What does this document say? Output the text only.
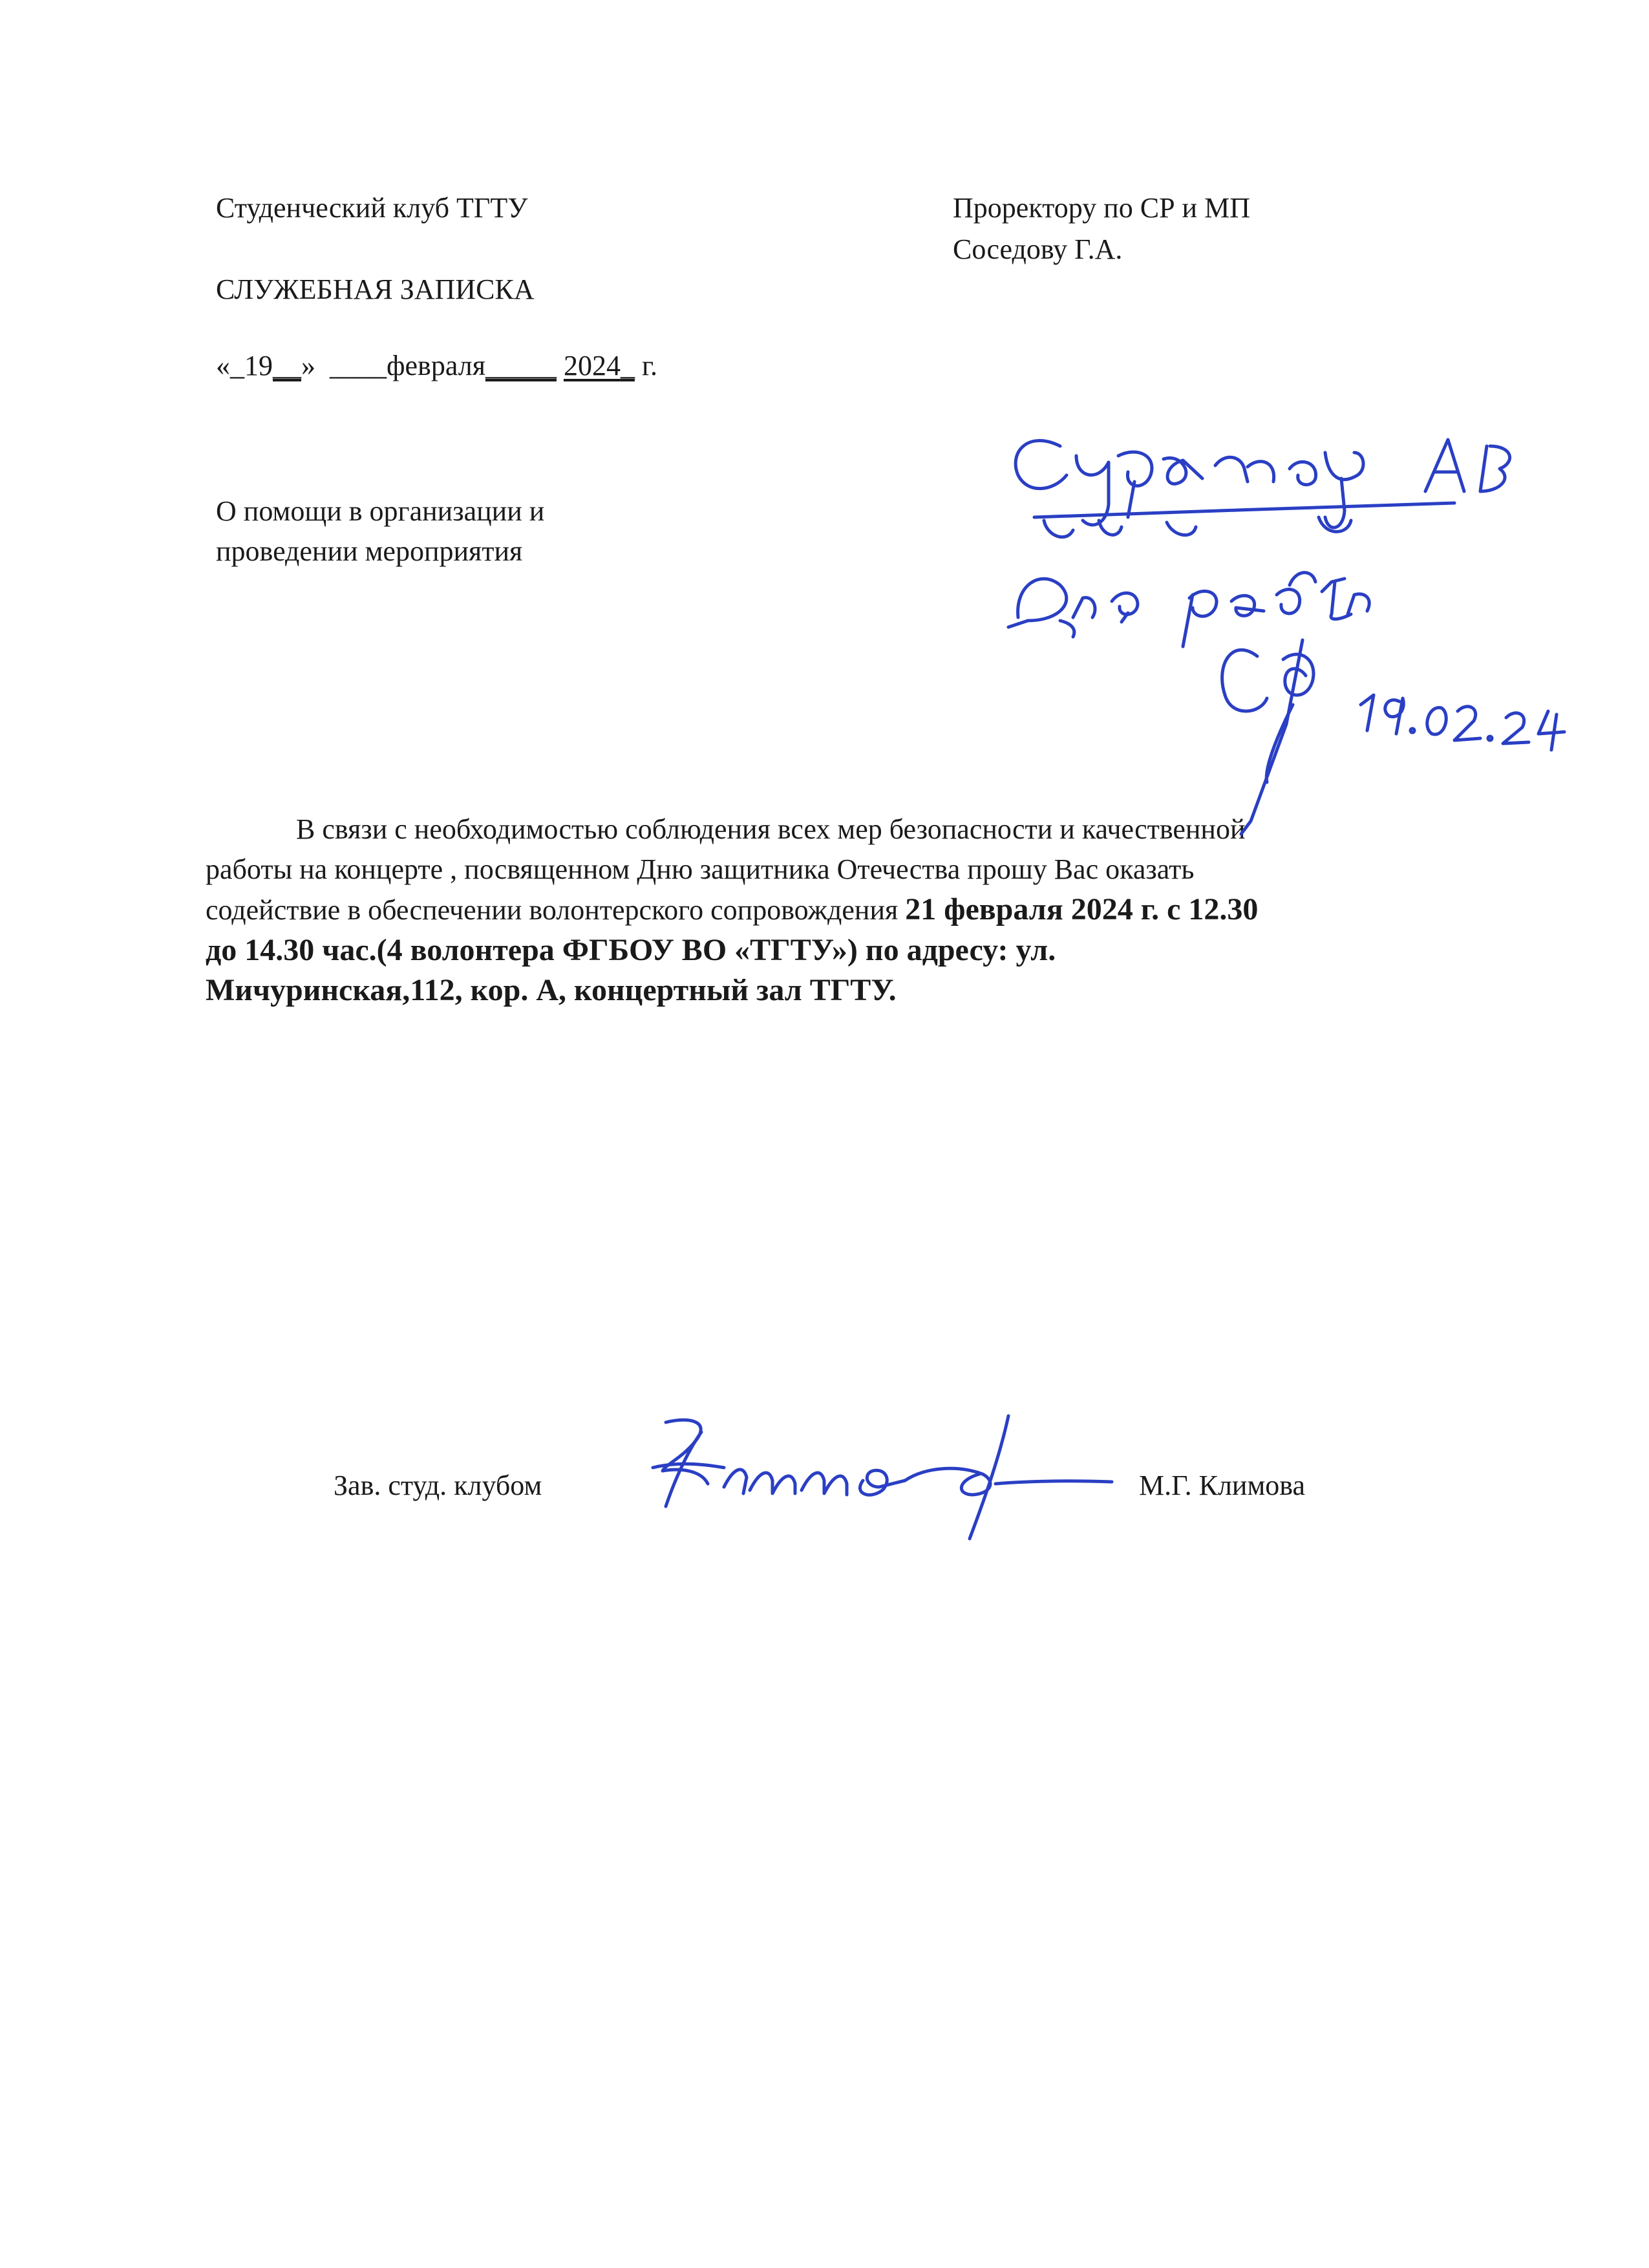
Студенческий клуб ТГТУ	Проректору по СР и МП
Соседову Г.А.
СЛУЖЕБНАЯ ЗАПИСКА
«_19__» ____февраля_____ 2024_ г.
О помощи в организации и
проведении мероприятия
В связи с необходимостью соблюдения всех мер безопасности и качественной
работы на концерте , посвященном Дню защитника Отечества прошу Вас оказать
содействие в обеспечении волонтерского сопровождения 21 февраля 2024 г. с 12.30
до 14.30 час.(4 волонтера ФГБОУ ВО «ТГТУ») по адресу: ул.
Мичуринская,112, кор. А, концертный зал ТГТУ.
Зав. студ. клубом	М.Г. Климова
